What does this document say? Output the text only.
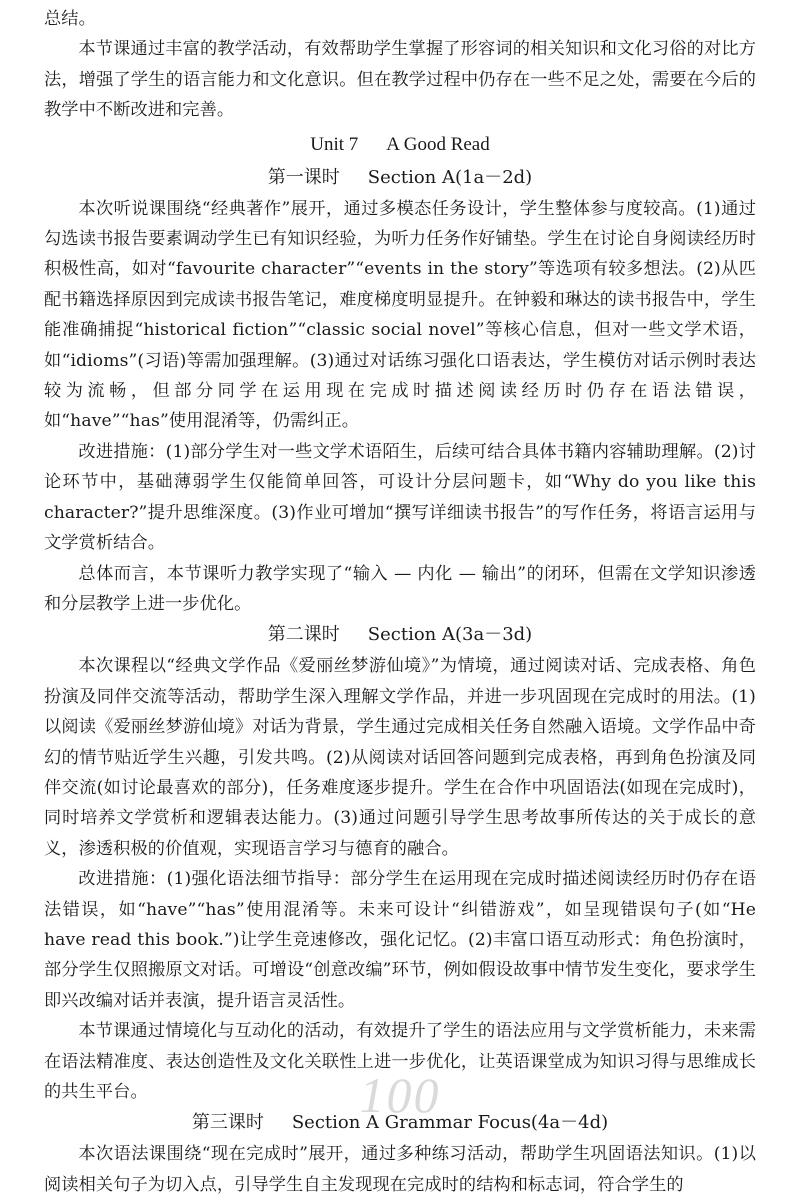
总结。

本节课通过丰富的教学活动，有效帮助学生掌握了形容词的相关知识和文化习俗的对比方法，增强了学生的语言能力和文化意识。但在教学过程中仍存在一些不足之处，需要在今后的教学中不断改进和完善。

Unit 7 A Good Read
第一课时 Section A(1a－2d)

本次听说课围绕“经典著作”展开，通过多模态任务设计，学生整体参与度较高。(1)通过勾选读书报告要素调动学生已有知识经验，为听力任务作好铺垫。学生在讨论自身阅读经历时积极性高，如对“favourite character”“events in the story”等选项有较多想法。(2)从匹配书籍选择原因到完成读书报告笔记，难度梯度明显提升。在钟毅和琳达的读书报告中，学生能准确捕捉“historical fiction”“classic social novel”等核心信息，但对一些文学术语，如“idioms”(习语)等需加强理解。(3)通过对话练习强化口语表达，学生模仿对话示例时表达较为流畅，但部分同学在运用现在完成时描述阅读经历时仍存在语法错误，如“have”“has”使用混淆等，仍需纠正。

改进措施：(1)部分学生对一些文学术语陌生，后续可结合具体书籍内容辅助理解。(2)讨论环节中，基础薄弱学生仅能简单回答，可设计分层问题卡，如“Why do you like this character?”提升思维深度。(3)作业可增加“撰写详细读书报告”的写作任务，将语言运用与文学赏析结合。

总体而言，本节课听力教学实现了“输入 — 内化 — 输出”的闭环，但需在文学知识渗透和分层教学上进一步优化。

第二课时 Section A(3a－3d)

本次课程以“经典文学作品《爱丽丝梦游仙境》”为情境，通过阅读对话、完成表格、角色扮演及同伴交流等活动，帮助学生深入理解文学作品，并进一步巩固现在完成时的用法。(1)以阅读《爱丽丝梦游仙境》对话为背景，学生通过完成相关任务自然融入语境。文学作品中奇幻的情节贴近学生兴趣，引发共鸣。(2)从阅读对话回答问题到完成表格，再到角色扮演及同伴交流(如讨论最喜欢的部分)，任务难度逐步提升。学生在合作中巩固语法(如现在完成时)，同时培养文学赏析和逻辑表达能力。(3)通过问题引导学生思考故事所传达的关于成长的意义，渗透积极的价值观，实现语言学习与德育的融合。

改进措施：(1)强化语法细节指导：部分学生在运用现在完成时描述阅读经历时仍存在语法错误，如“have”“has”使用混淆等。未来可设计“纠错游戏”，如呈现错误句子(如“He have read this book.”)让学生竞速修改，强化记忆。(2)丰富口语互动形式：角色扮演时，部分学生仅照搬原文对话。可增设“创意改编”环节，例如假设故事中情节发生变化，要求学生即兴改编对话并表演，提升语言灵活性。

本节课通过情境化与互动化的活动，有效提升了学生的语法应用与文学赏析能力，未来需在语法精准度、表达创造性及文化关联性上进一步优化，让英语课堂成为知识习得与思维成长的共生平台。

第三课时 Section A Grammar Focus(4a－4d)

本次语法课围绕“现在完成时”展开，通过多种练习活动，帮助学生巩固语法知识。(1)以阅读相关句子为切入点，引导学生自主发现现在完成时的结构和标志词，符合学生的

100
